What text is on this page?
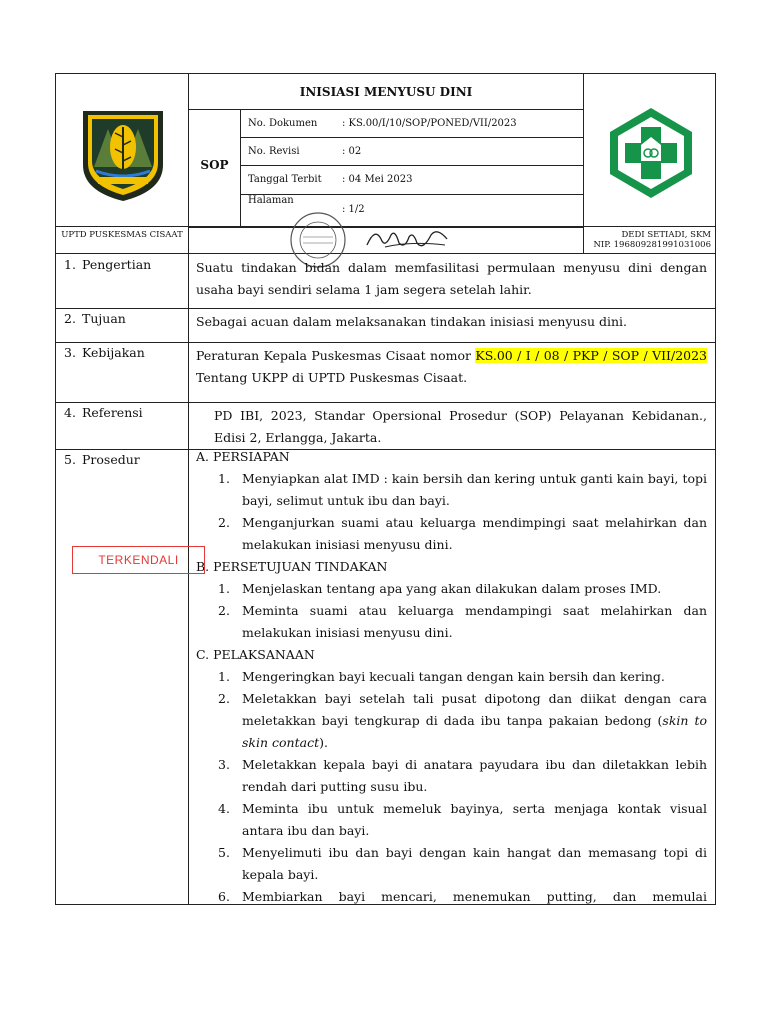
INISIASI MENYUSU DINI
SOP
No. Dokumen : KS.00/I/10/SOP/PONED/VII/2023
No. Revisi	: 02
Tanggal Terbit : 04 Mei 2023
Halaman
: 1/2
UPTD PUSKESMAS CISAAT	DEDI SETIADI, SKM
NIP. 196809281991031006
1. Pengertian	Suatu tindakan bidan dalam memfasilitasi permulaan menyusu dini dengan usaha bayi sendiri selama 1 jam segera setelah lahir.
2. Tujuan	Sebagai acuan dalam melaksanakan tindakan inisiasi menyusu dini.
3. Kebijakan	Peraturan Kepala Puskesmas Cisaat nomor KS.00 / I / 08 / PKP / SOP / VII/2023 Tentang UKPP di UPTD Puskesmas Cisaat.
4. Referensi	PD IBI, 2023, Standar Opersional Prosedur (SOP) Pelayanan Kebidanan., Edisi 2, Erlangga, Jakarta.
5. Prosedur	A. PERSIAPAN
1. Menyiapkan alat IMD : kain bersih dan kering untuk ganti kain bayi, topi bayi, selimut untuk ibu dan bayi.
2. Menganjurkan suami atau keluarga mendimpingi saat melahirkan dan melakukan inisiasi menyusu dini.
B. PERSETUJUAN TINDAKAN
1. Menjelaskan tentang apa yang akan dilakukan dalam proses IMD.
2. Meminta suami atau keluarga mendampingi saat melahirkan dan melakukan inisiasi menyusu dini.
C. PELAKSANAAN
1. Mengeringkan bayi kecuali tangan dengan kain bersih dan kering.
2. Meletakkan bayi setelah tali pusat dipotong dan diikat dengan cara meletakkan bayi tengkurap di dada ibu tanpa pakaian bedong (skin to skin contact).
3. Meletakkan kepala bayi di anatara payudara ibu dan diletakkan lebih rendah dari putting susu ibu.
4. Meminta ibu untuk memeluk bayinya, serta menjaga kontak visual antara ibu dan bayi.
5. Menyelimuti ibu dan bayi dengan kain hangat dan memasang topi di kepala bayi.
6. Membiarkan bayi mencari, menemukan putting, dan memulai
TERKENDALI
